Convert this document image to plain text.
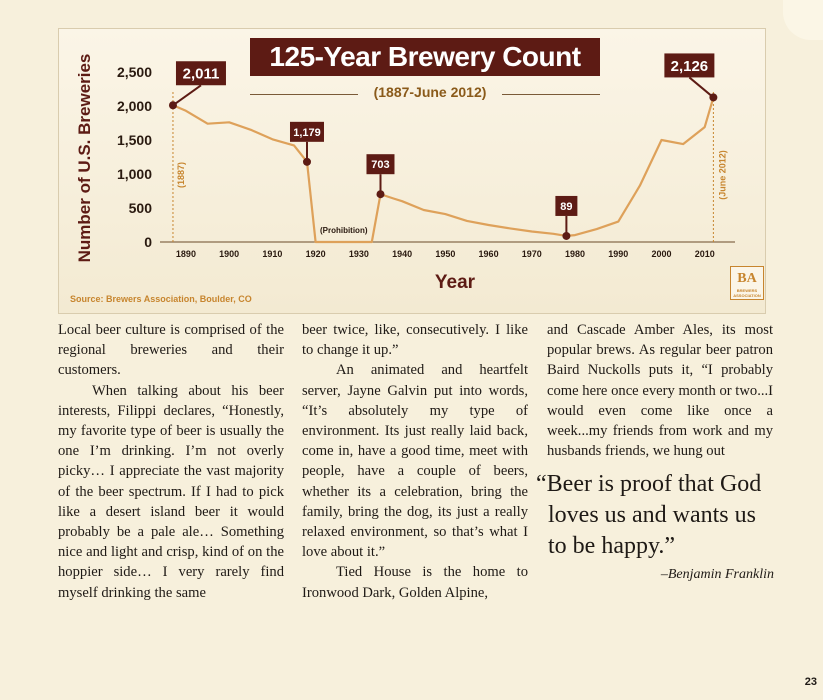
0
500
1,000
1,500
2,000
2,500
1890	1900	1910	1920	1930	1940	1950	1960	1970	1980	1990	2000	2010
(1887)	(June 2012)
(Prohibition)
2,011
1,179
703
89
2,126
125-Year Brewery Count
(1887-June 2012)
Number of U.S. Breweries
Year
Source: Brewers Association, Boulder, CO
BA
BREWERS ASSOCIATION

Local beer culture is comprised of the regional breweries and their customers.

When talking about his beer interests, Filippi declares, “Honestly, my favorite type of beer is usually the one I’m drinking. I’m not overly picky… I appreciate the vast majority of the beer spectrum. If I had to pick like a desert island beer it would probably be a pale ale… Something nice and light and crisp, kind of on the hoppier side… I very rarely find myself drinking the same

beer twice, like, consecutively. I like to change it up.”

An animated and heartfelt server, Jayne Galvin put into words, “It’s absolutely my type of environment. Its just really laid back, come in, have a good time, meet with people, have a couple of beers, whether its a celebration, bring the family, bring the dog, its just a really relaxed environment, so that’s what I love about it.”

Tied House is the home to Ironwood Dark, Golden Alpine,

and Cascade Amber Ales, its most popular brews. As regular beer patron Baird Nuckolls puts it, “I probably come here once every month or two...I would even come like once a week...my friends from work and my husbands friends, we hung out

“Beer is proof that God
loves us and wants us
to be happy.”
–Benjamin Franklin
23
